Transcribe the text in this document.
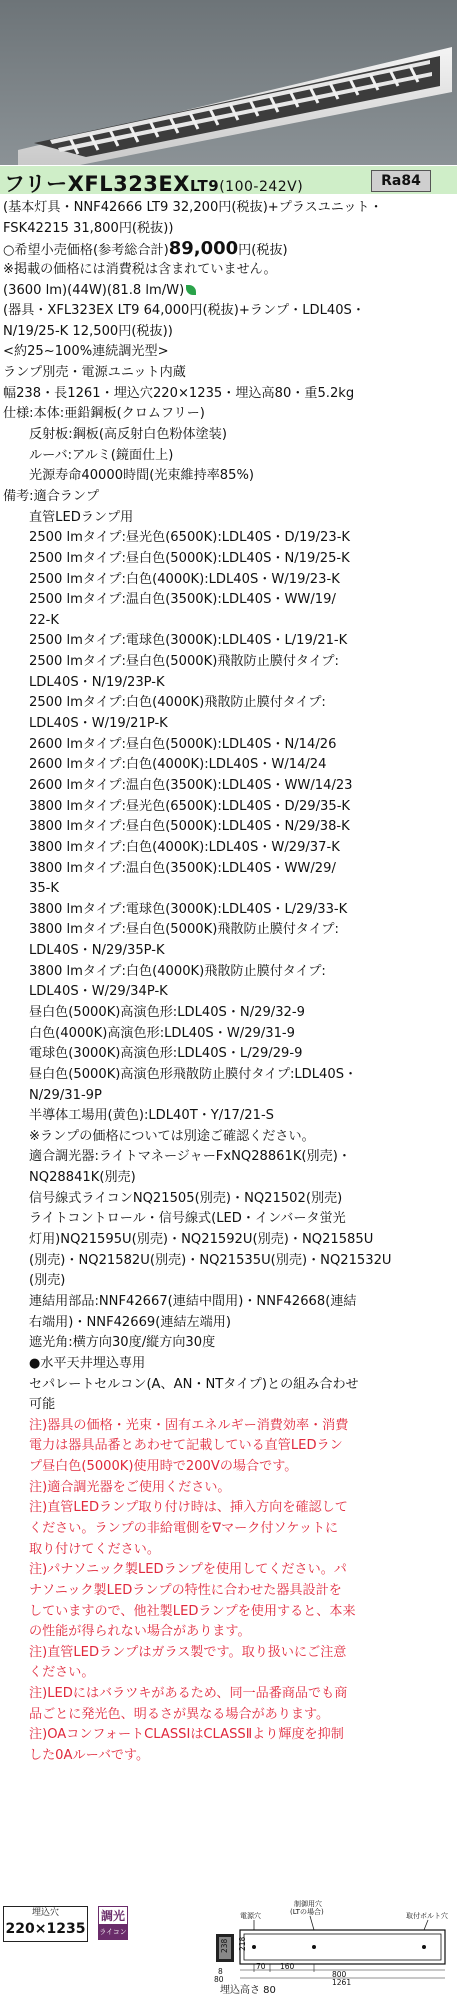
フリーXFL323EXLT9(100-242V)	Ra84
(基本灯具・NNF42666 LT9 32,200円(税抜)+プラスユニット・
FSK42215 31,800円(税抜))
○希望小売価格(参考総合計)89,000円(税抜)
※掲載の価格には消費税は含まれていません。
(3600 lm)(44W)(81.8 lm/W)
(器具・XFL323EX LT9 64,000円(税抜)+ランプ・LDL40S・
N/19/25-K 12,500円(税抜))
<約25~100%連続調光型>
ランプ別売・電源ユニット内蔵
幅238・長1261・埋込穴220×1235・埋込高80・重5.2kg
仕様:本体:亜鉛鋼板(クロムフリー)
反射板:鋼板(高反射白色粉体塗装)
ルーバ:アルミ(鏡面仕上)
光源寿命40000時間(光束維持率85%)
備考:適合ランプ
直管LEDランプ用
2500 lmタイプ:昼光色(6500K):LDL40S・D/19/23-K
2500 lmタイプ:昼白色(5000K):LDL40S・N/19/25-K
2500 lmタイプ:白色(4000K):LDL40S・W/19/23-K
2500 lmタイプ:温白色(3500K):LDL40S・WW/19/
22-K
2500 lmタイプ:電球色(3000K):LDL40S・L/19/21-K
2500 lmタイプ:昼白色(5000K)飛散防止膜付タイプ:
LDL40S・N/19/23P-K
2500 lmタイプ:白色(4000K)飛散防止膜付タイプ:
LDL40S・W/19/21P-K
2600 lmタイプ:昼白色(5000K):LDL40S・N/14/26
2600 lmタイプ:白色(4000K):LDL40S・W/14/24
2600 lmタイプ:温白色(3500K):LDL40S・WW/14/23
3800 lmタイプ:昼光色(6500K):LDL40S・D/29/35-K
3800 lmタイプ:昼白色(5000K):LDL40S・N/29/38-K
3800 lmタイプ:白色(4000K):LDL40S・W/29/37-K
3800 lmタイプ:温白色(3500K):LDL40S・WW/29/
35-K
3800 lmタイプ:電球色(3000K):LDL40S・L/29/33-K
3800 lmタイプ:昼白色(5000K)飛散防止膜付タイプ:
LDL40S・N/29/35P-K
3800 lmタイプ:白色(4000K)飛散防止膜付タイプ:
LDL40S・W/29/34P-K
昼白色(5000K)高演色形:LDL40S・N/29/32-9
白色(4000K)高演色形:LDL40S・W/29/31-9
電球色(3000K)高演色形:LDL40S・L/29/29-9
昼白色(5000K)高演色形飛散防止膜付タイプ:LDL40S・
N/29/31-9P
半導体工場用(黄色):LDL40T・Y/17/21-S
※ランプの価格については別途ご確認ください。
適合調光器:ライトマネージャーFxNQ28861K(別売)・
NQ28841K(別売)
信号線式ライコンNQ21505(別売)・NQ21502(別売)
ライトコントロール・信号線式(LED・インバータ蛍光
灯用)NQ21595U(別売)・NQ21592U(別売)・NQ21585U
(別売)・NQ21582U(別売)・NQ21535U(別売)・NQ21532U
(別売)
連結用部品:NNF42667(連結中間用)・NNF42668(連結
右端用)・NNF42669(連結左端用)
遮光角:横方向30度/縦方向30度
●水平天井埋込専用
セパレートセルコン(A、AN・NTタイプ)との組み合わせ
可能
注)器具の価格・光束・固有エネルギー消費効率・消費
電力は器具品番とあわせて記載している直管LEDラン
プ昼白色(5000K)使用時で200Vの場合です。
注)適合調光器をご使用ください。
注)直管LEDランプ取り付け時は、挿入方向を確認して
ください。ランプの非給電側を∇マーク付ソケットに
取り付けてください。
注)パナソニック製LEDランプを使用してください。パ
ナソニック製LEDランプの特性に合わせた器具設計を
していますので、他社製LEDランプを使用すると、本来
の性能が得られない場合があります。
注)直管LEDランプはガラス製です。取り扱いにご注意
ください。
注)LEDにはバラツキがあるため、同一品番商品でも商
品ごとに発光色、明るさが異なる場合があります。
注)OAコンフォートCLASSⅠはCLASSⅡより輝度を抑制
した0Aルーバです。
埋込穴
220×1235
調光
ライコン別売
制御用穴
(LTの場合)
電源穴	取付ボルト穴
238 218
8
80
70 160
800
1261
埋込高さ 80
